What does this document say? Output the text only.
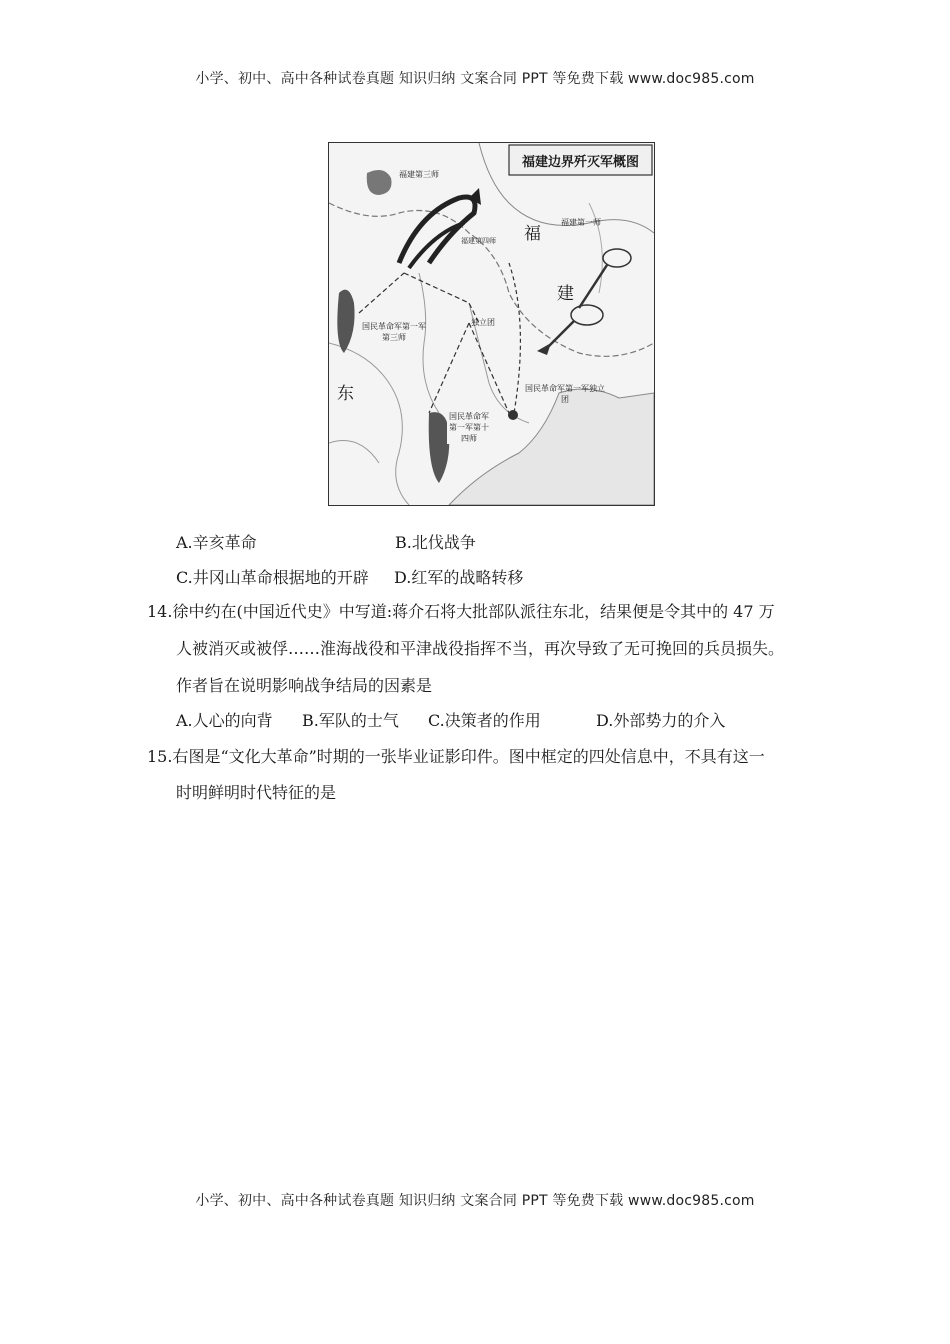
小学、初中、高中各种试卷真题 知识归纳 文案合同 PPT 等免费下载 www.doc985.com
福建边界歼灭军概图
福
建
东
福建第三师
福建第一师
福建第四师
国民革命军第一军第三师
独立团
国民革命军第一军第十四师
国民革命军第一军独立团
A.辛亥革命	B.北伐战争
C.井冈山革命根据地的开辟 D.红军的战略转移
14.徐中约在(中国近代史》中写道:蒋介石将大批部队派往东北，结果便是令其中的 47 万
人被消灭或被俘……淮海战役和平津战役指挥不当，再次导致了无可挽回的兵员损失。
作者旨在说明影响战争结局的因素是
A.人心的向背 B.军队的士气 C.决策者的作用	D.外部势力的介入
15.右图是“文化大革命”时期的一张毕业证影印件。图中框定的四处信息中，不具有这一
时明鲜明时代特征的是
小学、初中、高中各种试卷真题 知识归纳 文案合同 PPT 等免费下载 www.doc985.com
